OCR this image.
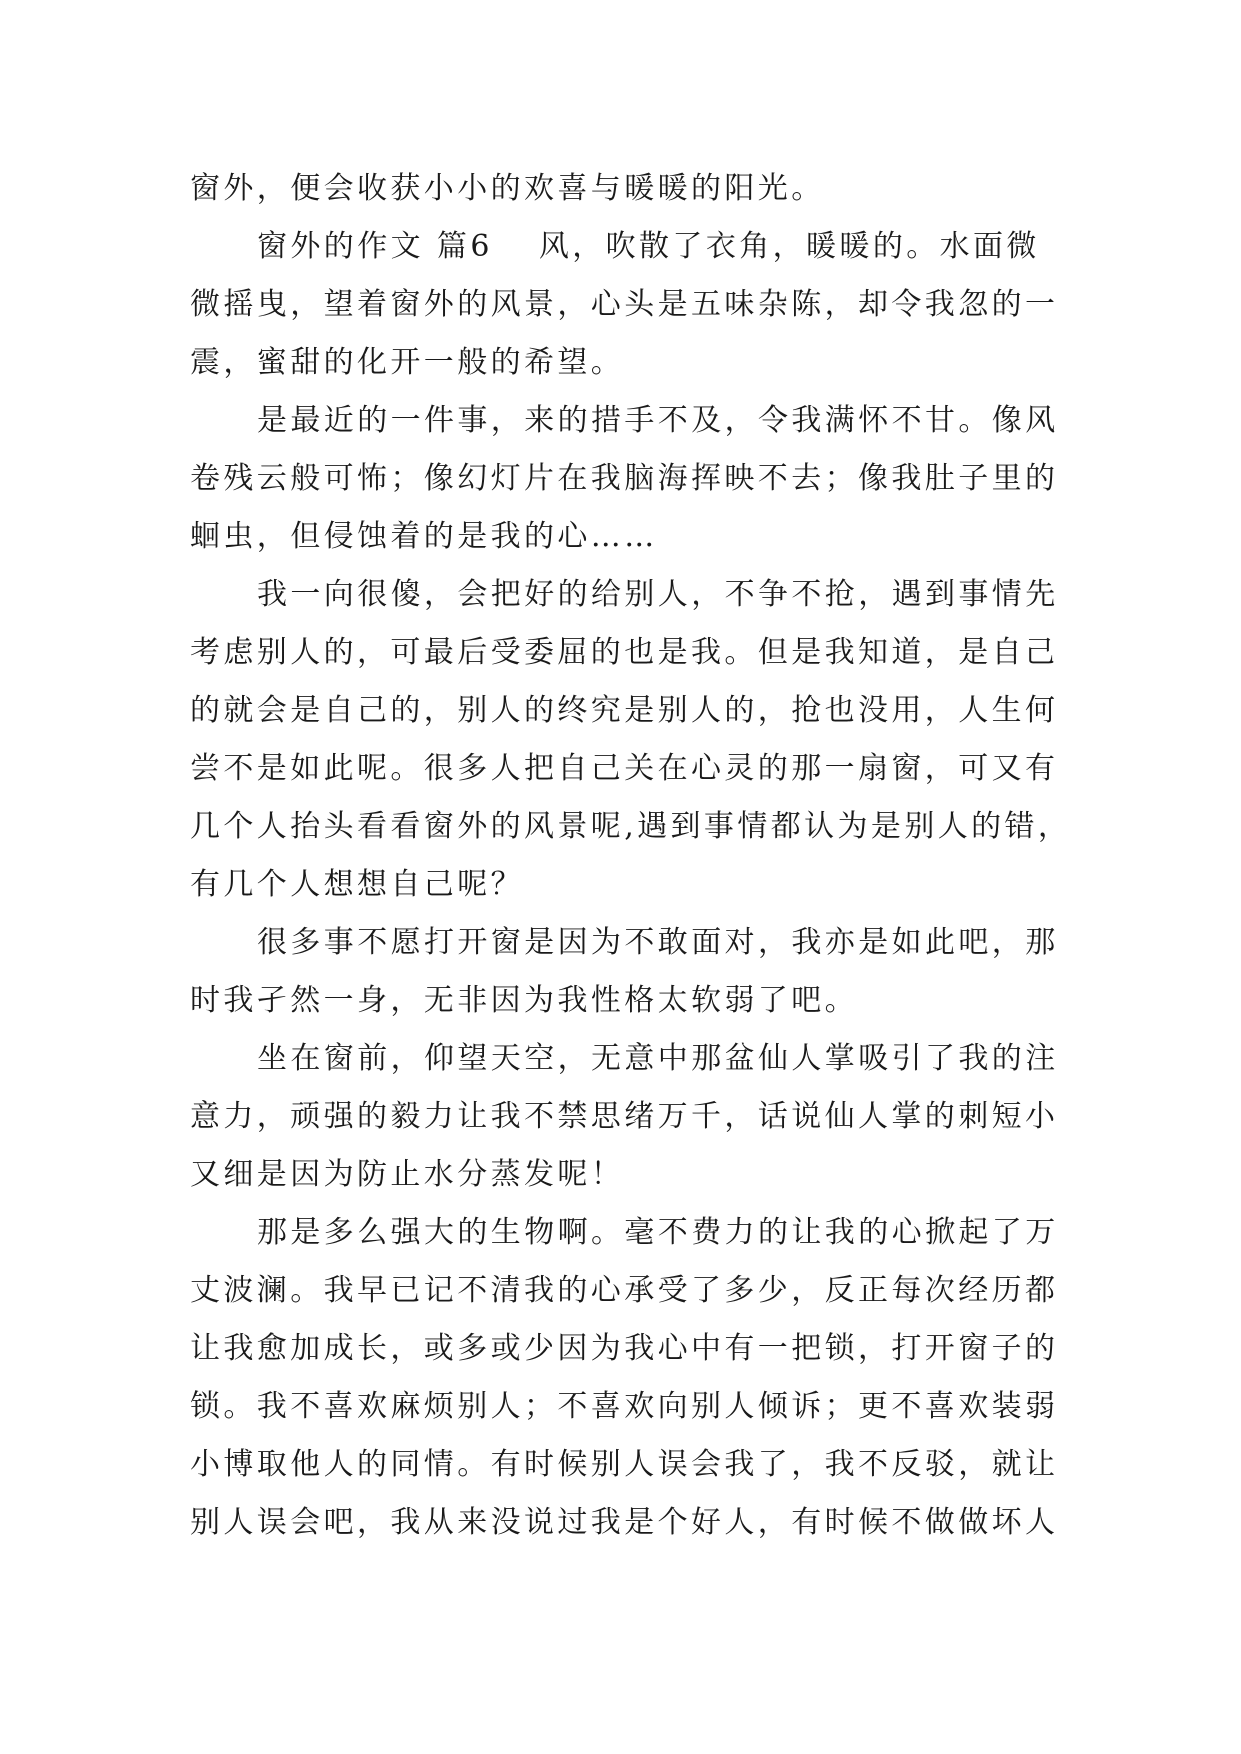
窗外，便会收获小小的欢喜与暖暖的阳光。
窗外的作文 篇6 风，吹散了衣角，暖暖的。水面微
微摇曳，望着窗外的风景，心头是五味杂陈，却令我忽的一
震，蜜甜的化开一般的希望。
是最近的一件事，来的措手不及，令我满怀不甘。像风
卷残云般可怖；像幻灯片在我脑海挥映不去；像我肚子里的
蛔虫，但侵蚀着的是我的心……
我一向很傻，会把好的给别人，不争不抢，遇到事情先
考虑别人的，可最后受委屈的也是我。但是我知道，是自己
的就会是自己的，别人的终究是别人的，抢也没用，人生何
尝不是如此呢。很多人把自己关在心灵的那一扇窗，可又有
几个人抬头看看窗外的风景呢,遇到事情都认为是别人的错，
有几个人想想自己呢？
很多事不愿打开窗是因为不敢面对，我亦是如此吧，那
时我孑然一身，无非因为我性格太软弱了吧。
坐在窗前，仰望天空，无意中那盆仙人掌吸引了我的注
意力，顽强的毅力让我不禁思绪万千，话说仙人掌的刺短小
又细是因为防止水分蒸发呢！
那是多么强大的生物啊。毫不费力的让我的心掀起了万
丈波澜。我早已记不清我的心承受了多少，反正每次经历都
让我愈加成长，或多或少因为我心中有一把锁，打开窗子的
锁。我不喜欢麻烦别人；不喜欢向别人倾诉；更不喜欢装弱
小博取他人的同情。有时候别人误会我了，我不反驳，就让
别人误会吧，我从来没说过我是个好人，有时候不做做坏人
